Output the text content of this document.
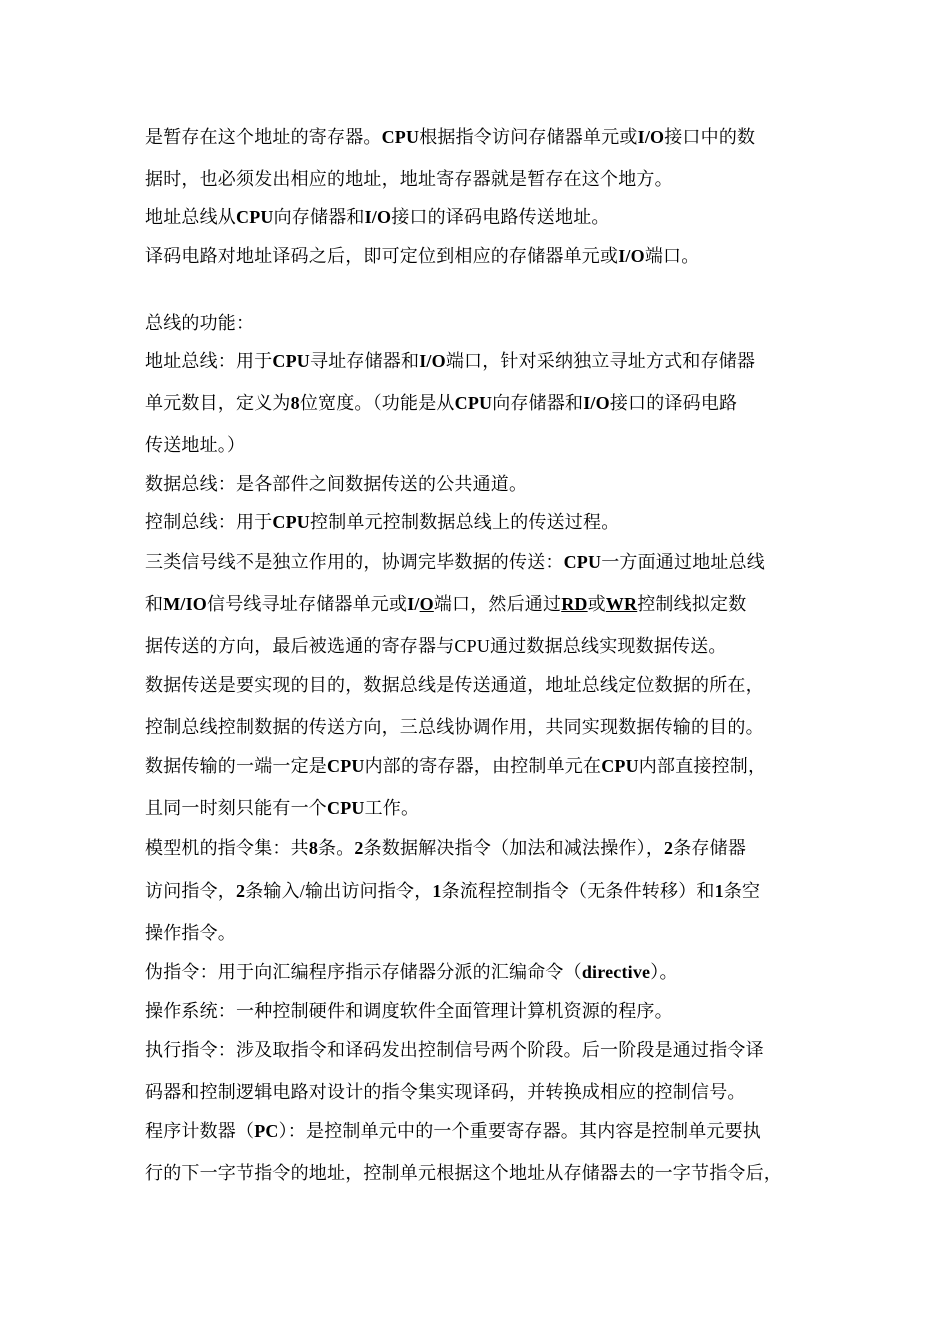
是暂存在这个地址的寄存器。CPU根据指令访问存储器单元或I/O接口中的数
据时，也必须发出相应的地址，地址寄存器就是暂存在这个地方。
地址总线从CPU向存储器和I/O接口的译码电路传送地址。
译码电路对地址译码之后，即可定位到相应的存储器单元或I/O端口。
总线的功能：
地址总线：用于CPU寻址存储器和I/O端口，针对采纳独立寻址方式和存储器
单元数目，定义为8位宽度。（功能是从CPU向存储器和I/O接口的译码电路
传送地址。）
数据总线：是各部件之间数据传送的公共通道。
控制总线：用于CPU控制单元控制数据总线上的传送过程。
三类信号线不是独立作用的，协调完毕数据的传送：CPU一方面通过地址总线
和M/IO信号线寻址存储器单元或I/O端口，然后通过RD或WR控制线拟定数
据传送的方向，最后被选通的寄存器与CPU通过数据总线实现数据传送。
数据传送是要实现的目的，数据总线是传送通道，地址总线定位数据的所在，
控制总线控制数据的传送方向，三总线协调作用，共同实现数据传输的目的。
数据传输的一端一定是CPU内部的寄存器，由控制单元在CPU内部直接控制，
且同一时刻只能有一个CPU工作。
模型机的指令集：共8条。2条数据解决指令（加法和减法操作），2条存储器
访问指令，2条输入/输出访问指令，1条流程控制指令（无条件转移）和1条空
操作指令。
伪指令：用于向汇编程序指示存储器分派的汇编命令（directive）。
操作系统：一种控制硬件和调度软件全面管理计算机资源的程序。
执行指令：涉及取指令和译码发出控制信号两个阶段。后一阶段是通过指令译
码器和控制逻辑电路对设计的指令集实现译码，并转换成相应的控制信号。
程序计数器（PC）：是控制单元中的一个重要寄存器。其内容是控制单元要执
行的下一字节指令的地址，控制单元根据这个地址从存储器去的一字节指令后，
